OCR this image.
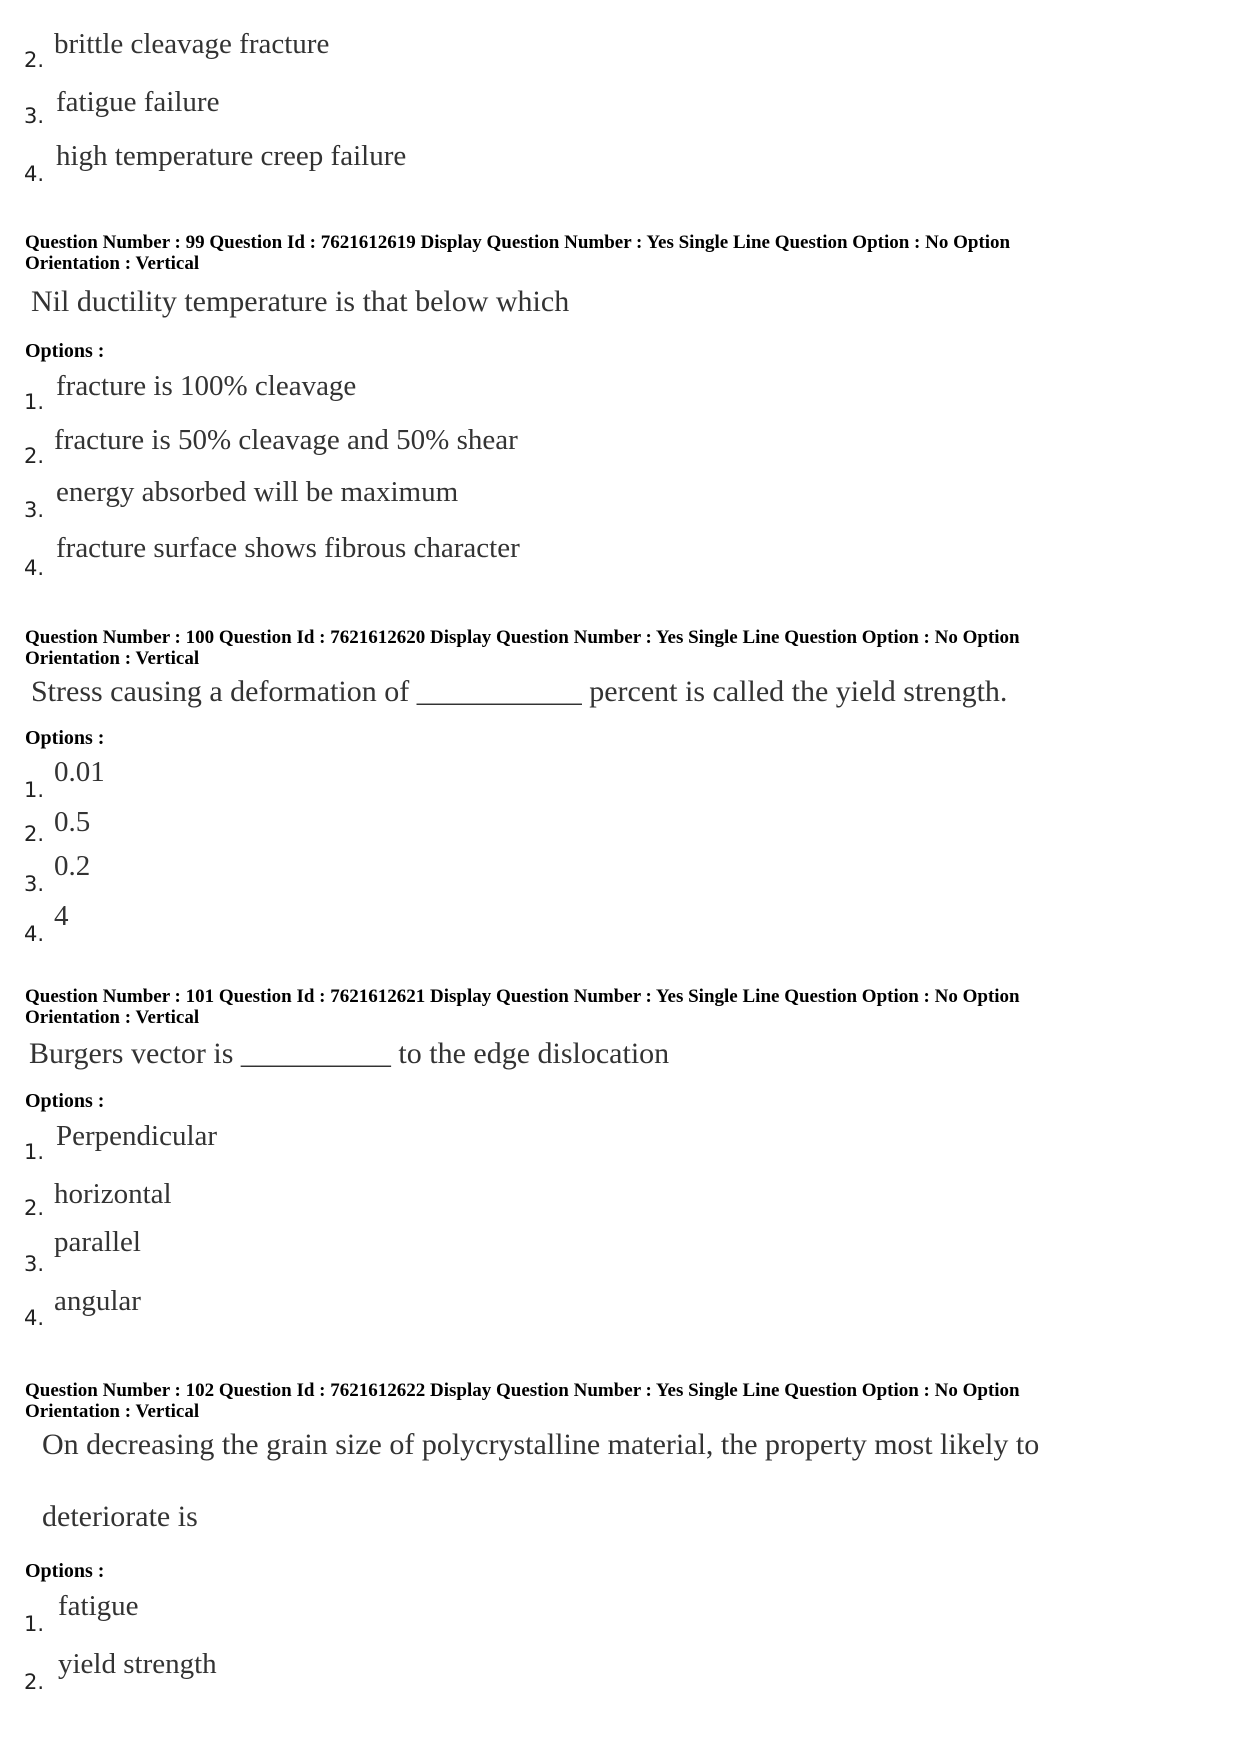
2. brittle cleavage fracture
3. fatigue failure
4.
high temperature creep failure
Question Number : 99 Question Id : 7621612619 Display Question Number : Yes Single Line Question Option : No Option
Orientation : Vertical
Nil ductility temperature is that below which
Options :
1. fracture is 100% cleavage
2. fracture is 50% cleavage and 50% shear
3.
energy absorbed will be maximum
4.
fracture surface shows fibrous character
Question Number : 100 Question Id : 7621612620 Display Question Number : Yes Single Line Question Option : No Option
Orientation : Vertical
Stress causing a deformation of ___________ percent is called the yield strength.
Options :
1.
0.01
2. 0.5
3.
0.2
4.
4
Question Number : 101 Question Id : 7621612621 Display Question Number : Yes Single Line Question Option : No Option
Orientation : Vertical
Burgers vector is __________ to the edge dislocation
Options :
1. Perpendicular
2. horizontal
3.
parallel
4.
angular
Question Number : 102 Question Id : 7621612622 Display Question Number : Yes Single Line Question Option : No Option
Orientation : Vertical
On decreasing the grain size of polycrystalline material, the property most likely to
deteriorate is
Options :
1.
fatigue
2.
yield strength
